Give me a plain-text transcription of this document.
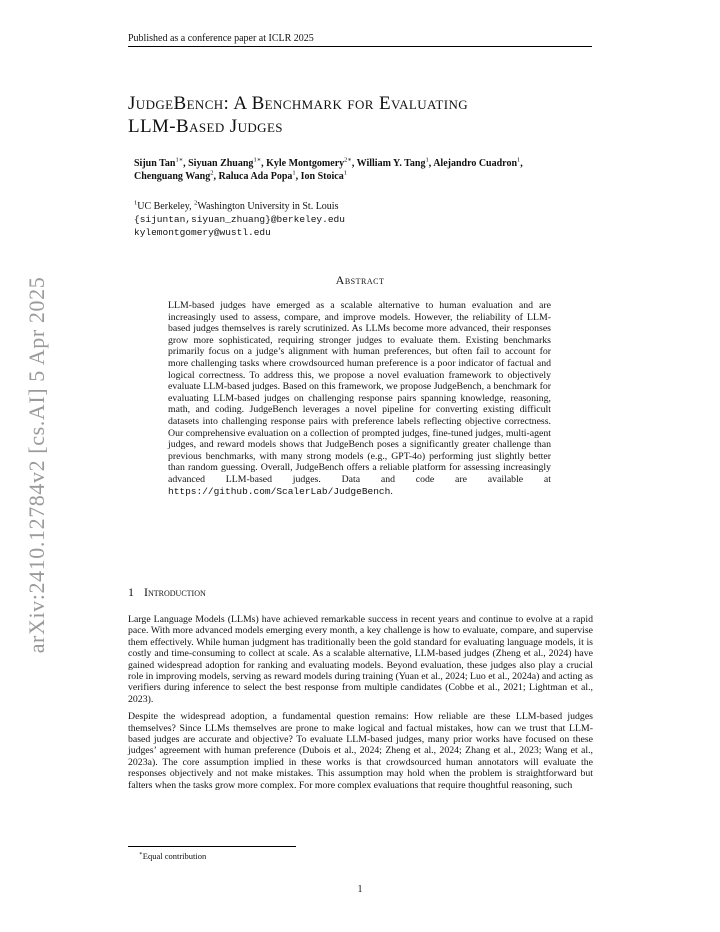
Published as a conference paper at ICLR 2025
arXiv:2410.12784v2 [cs.AI] 5 Apr 2025
JudgeBench: A Benchmark for Evaluating
LLM-Based Judges
Sijun Tan$^{1∗}$, Siyuan Zhuang$^{1∗}$, Kyle Montgomery$^{2∗}$, William Y. Tang$^1$, Alejandro Cuadron$^1$,
Chenguang Wang$^2$, Raluca Ada Popa$^1$, Ion Stoica$^1$
$^1$UC Berkeley, $^2$Washington University in St. Louis
{sijuntan,siyuan_zhuang}@berkeley.edu
kylemontgomery@wustl.edu
Abstract
LLM-based judges have emerged as a scalable alternative to human evaluation and are increasingly used to assess, compare, and improve models. However, the reliability of LLM-based judges themselves is rarely scrutinized. As LLMs become more advanced, their responses grow more sophisticated, requiring stronger judges to evaluate them. Existing benchmarks primarily focus on a judge’s alignment with human preferences, but often fail to account for more challenging tasks where crowdsourced human preference is a poor indicator of factual and logical correctness. To address this, we propose a novel evaluation framework to objectively evaluate LLM-based judges. Based on this framework, we propose JudgeBench, a benchmark for evaluating LLM-based judges on challenging response pairs spanning knowledge, reasoning, math, and coding. JudgeBench leverages a novel pipeline for converting existing difficult datasets into challenging response pairs with preference labels reflecting objective correctness. Our comprehensive evaluation on a collection of prompted judges, fine-tuned judges, multi-agent judges, and reward models shows that JudgeBench poses a significantly greater challenge than previous benchmarks, with many strong models (e.g., GPT-4o) performing just slightly better than random guessing. Overall, JudgeBench offers a reliable platform for assessing increasingly advanced LLM-based judges. Data and code are available at https://github.com/ScalerLab/JudgeBench.
1 Introduction

Large Language Models (LLMs) have achieved remarkable success in recent years and continue to evolve at a rapid pace. With more advanced models emerging every month, a key challenge is how to evaluate, compare, and supervise them effectively. While human judgment has traditionally been the gold standard for evaluating language models, it is costly and time-consuming to collect at scale. As a scalable alternative, LLM-based judges (Zheng et al., 2024) have gained widespread adoption for ranking and evaluating models. Beyond evaluation, these judges also play a crucial role in improving models, serving as reward models during training (Yuan et al., 2024; Luo et al., 2024a) and acting as verifiers during inference to select the best response from multiple candidates (Cobbe et al., 2021; Lightman et al., 2023).

Despite the widespread adoption, a fundamental question remains: How reliable are these LLM-based judges themselves? Since LLMs themselves are prone to make logical and factual mistakes, how can we trust that LLM-based judges are accurate and objective? To evaluate LLM-based judges, many prior works have focused on these judges’ agreement with human preference (Dubois et al., 2024; Zheng et al., 2024; Zhang et al., 2023; Wang et al., 2023a). The core assumption implied in these works is that crowdsourced human annotators will evaluate the responses objectively and not make mistakes. This assumption may hold when the problem is straightforward but falters when the tasks grow more complex. For more complex evaluations that require thoughtful reasoning, such

∗Equal contribution
1
